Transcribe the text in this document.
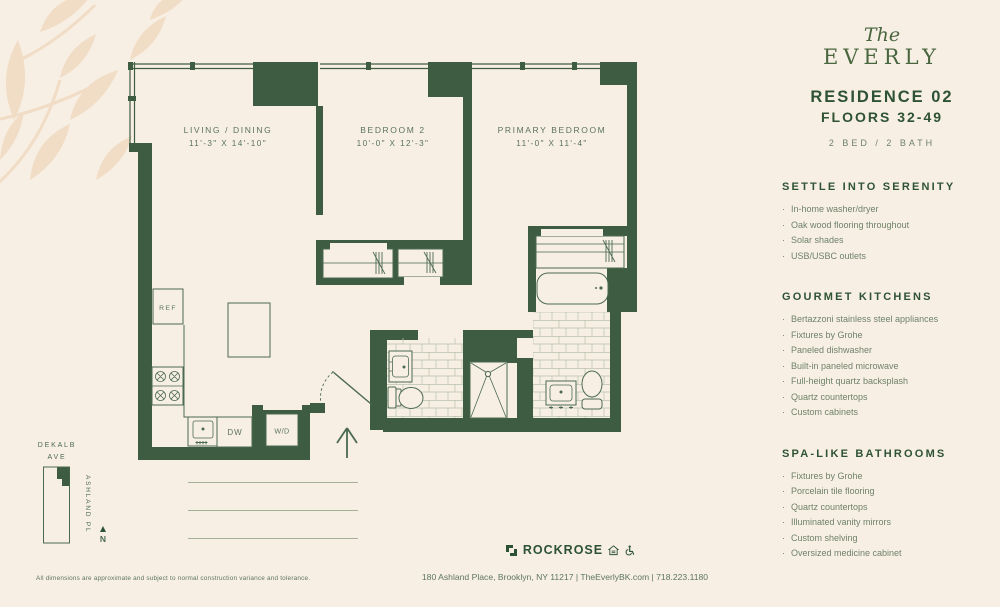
LIVING / DINING
11'-3" X 14'-10"
BEDROOM 2
10'-0" X 12'-3"
PRIMARY BEDROOM
11'-0" X 11'-4"
REF
DW	W/D
DEKALB
AVE
ASHLAND PL
N
The
EVERLY
RESIDENCE 02
FLOORS 32-49
2 BED / 2 BATH
SETTLE INTO SERENITY
· In-home washer/dryer
· Oak wood flooring throughout
· Solar shades
· USB/USBC outlets
GOURMET KITCHENS
· Bertazzoni stainless steel appliances
· Fixtures by Grohe
· Paneled dishwasher
· Built-in paneled microwave
· Full-height quartz backsplash
· Quartz countertops
· Custom cabinets
SPA-LIKE BATHROOMS
· Fixtures by Grohe
· Porcelain tile flooring
· Quartz countertops
· Illuminated vanity mirrors
· Custom shelving
· Oversized medicine cabinet
All dimensions are approximate and subject to normal construction variance and tolerance.
ROCKROSE
180 Ashland Place, Brooklyn, NY 11217 | TheEverlyBK.com | 718.223.1180
